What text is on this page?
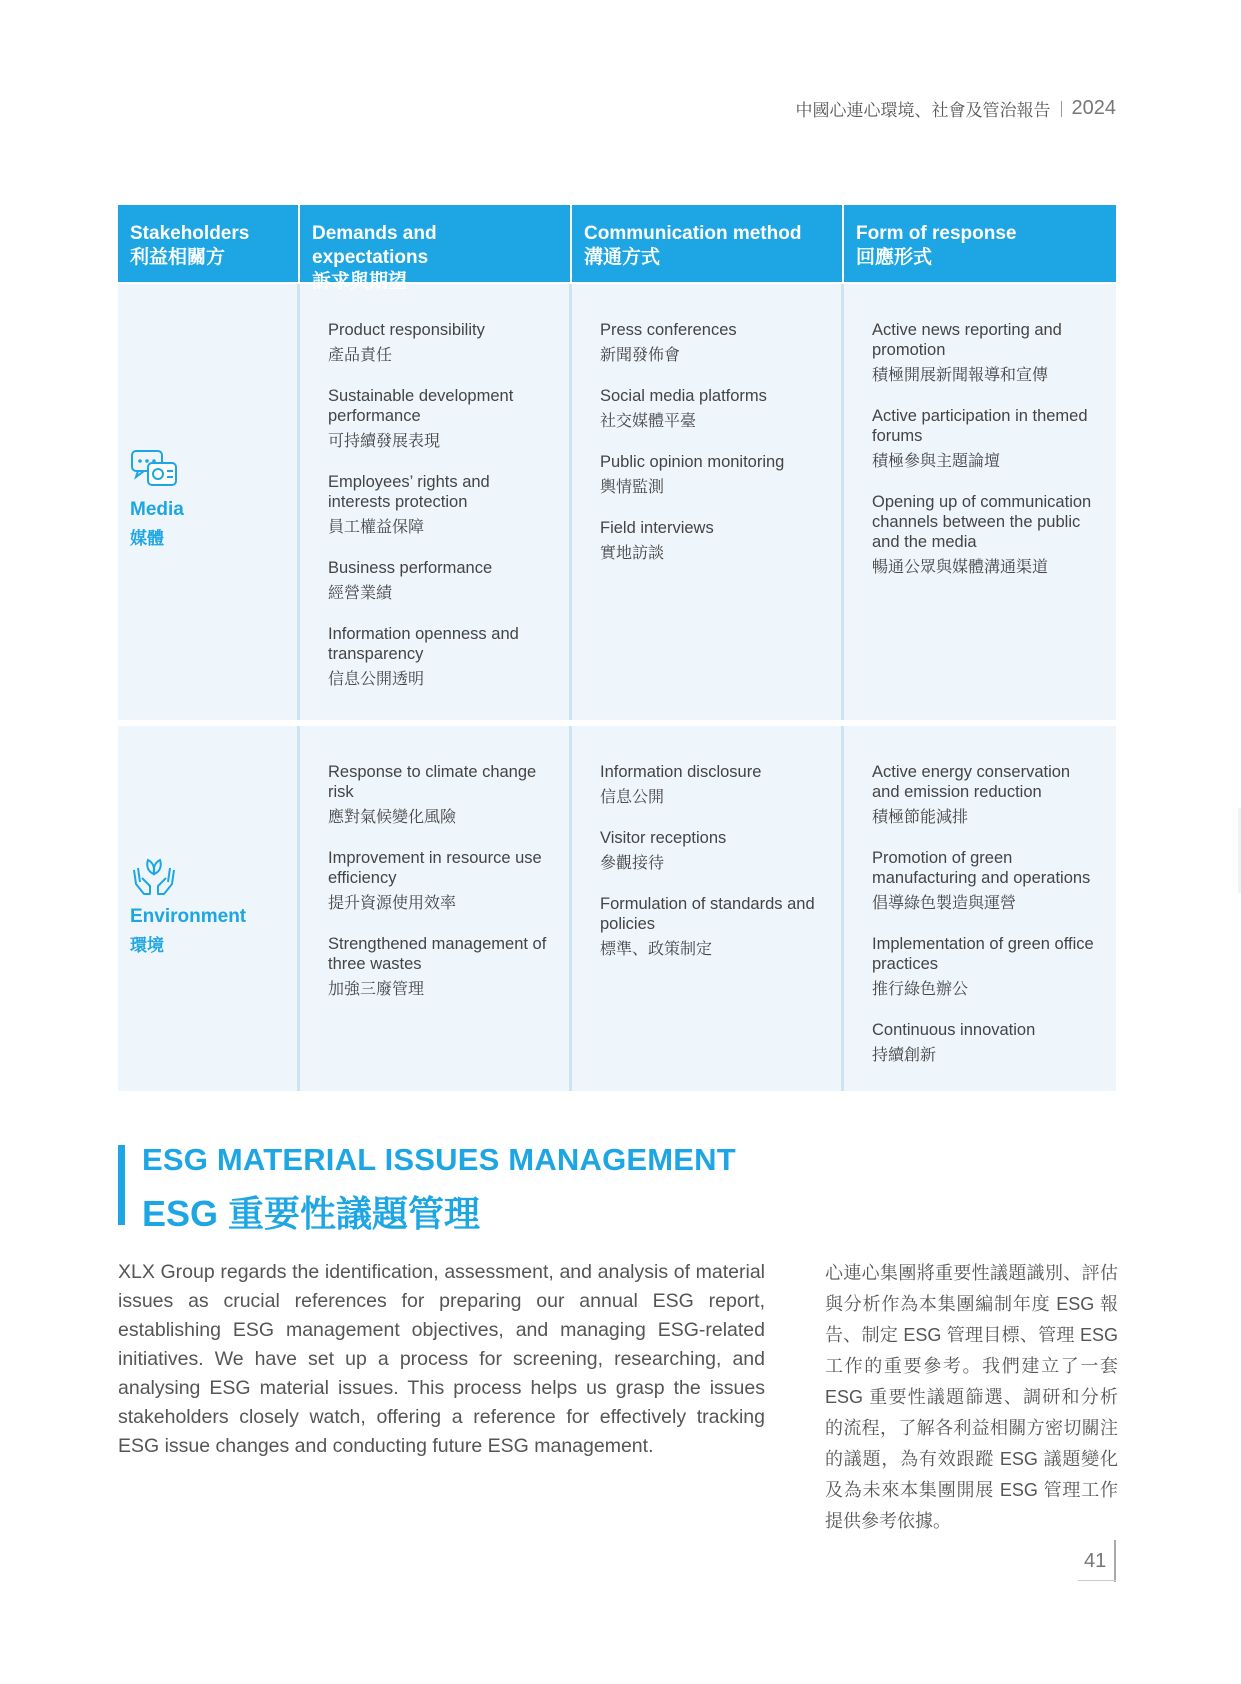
中國心連心環境、社會及管治報告 2024
Stakeholders
利益相關方
Demands and expectations
訴求與期望
Communication method
溝通方式
Form of response
回應形式
Media
媒體
Product responsibility
產品責任
Sustainable development performance
可持續發展表現
Employees’ rights and interests protection
員工權益保障
Business performance
經營業績
Information openness and transparency
信息公開透明
Press conferences
新聞發佈會
Social media platforms
社交媒體平臺
Public opinion monitoring
輿情監測
Field interviews
實地訪談
Active news reporting and promotion
積極開展新聞報導和宣傳
Active participation in themed forums
積極參與主題論壇
Opening up of communication channels between the public and the media
暢通公眾與媒體溝通渠道
Environment
環境
Response to climate change risk
應對氣候變化風險
Improvement in resource use efficiency
提升資源使用效率
Strengthened management of three wastes
加強三廢管理
Information disclosure
信息公開
Visitor receptions
參觀接待
Formulation of standards and policies
標準、政策制定
Active energy conservation and emission reduction
積極節能減排
Promotion of green manufacturing and operations
倡導綠色製造與運營
Implementation of green office practices
推行綠色辦公
Continuous innovation
持續創新
ESG MATERIAL ISSUES MANAGEMENT
ESG 重要性議題管理
XLX Group regards the identification, assessment, and analysis of material issues as crucial references for preparing our annual ESG report, establishing ESG management objectives, and managing ESG-related initiatives. We have set up a process for screening, researching, and analysing ESG material issues. This process helps us grasp the issues stakeholders closely watch, offering a reference for effectively tracking ESG issue changes and conducting future ESG management.
心連心集團將重要性議題識別、評估與分析作為本集團編制年度 ESG 報告、制定 ESG 管理目標、管理 ESG 工作的重要參考。我們建立了一套 ESG 重要性議題篩選、調研和分析的流程，了解各利益相關方密切關注的議題，為有效跟蹤 ESG 議題變化及為未來本集團開展 ESG 管理工作提供參考依據。
41
